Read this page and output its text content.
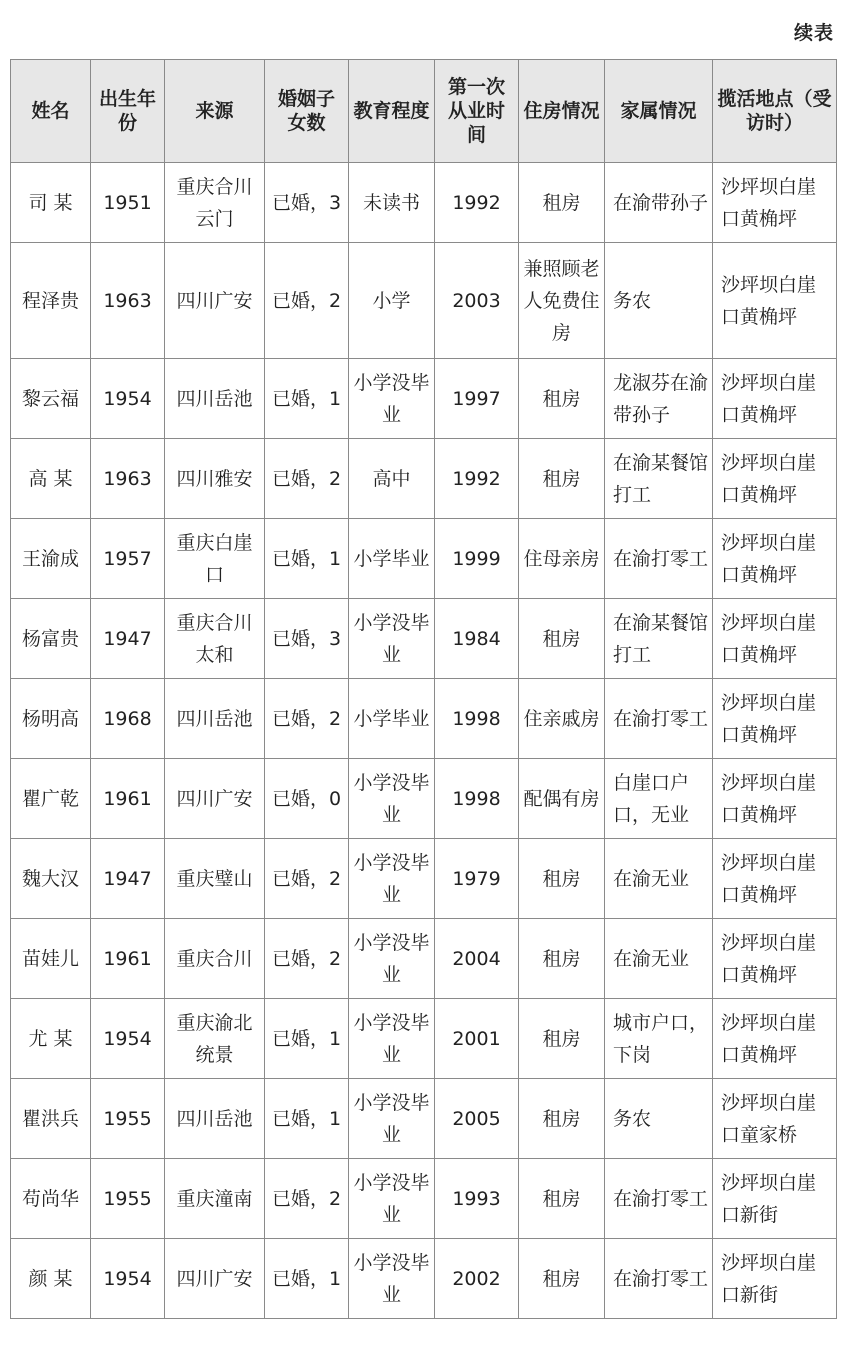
续表
姓名	出生年份	来源	婚姻子女数	教育程度	第一次从业时间	住房情况	家属情况	揽活地点（受访时）
司 某	1951	重庆合川云门	已婚，3	未读书	1992	租房	在渝带孙子	沙坪坝白崖口黄桷坪
程泽贵	1963	四川广安	已婚，2	小学	2003	兼照顾老人免费住房	务农	沙坪坝白崖口黄桷坪
黎云福	1954	四川岳池	已婚，1	小学没毕业	1997	租房	龙淑芬在渝带孙子	沙坪坝白崖口黄桷坪
高 某	1963	四川雅安	已婚，2	高中	1992	租房	在渝某餐馆打工	沙坪坝白崖口黄桷坪
王渝成	1957	重庆白崖口	已婚，1	小学毕业	1999	住母亲房	在渝打零工	沙坪坝白崖口黄桷坪
杨富贵	1947	重庆合川太和	已婚，3	小学没毕业	1984	租房	在渝某餐馆打工	沙坪坝白崖口黄桷坪
杨明高	1968	四川岳池	已婚，2	小学毕业	1998	住亲戚房	在渝打零工	沙坪坝白崖口黄桷坪
瞿广乾	1961	四川广安	已婚，0	小学没毕业	1998	配偶有房	白崖口户口，无业	沙坪坝白崖口黄桷坪
魏大汉	1947	重庆璧山	已婚，2	小学没毕业	1979	租房	在渝无业	沙坪坝白崖口黄桷坪
苗娃儿	1961	重庆合川	已婚，2	小学没毕业	2004	租房	在渝无业	沙坪坝白崖口黄桷坪
尤 某	1954	重庆渝北统景	已婚，1	小学没毕业	2001	租房	城市户口，下岗	沙坪坝白崖口黄桷坪
瞿洪兵	1955	四川岳池	已婚，1	小学没毕业	2005	租房	务农	沙坪坝白崖口童家桥
苟尚华	1955	重庆潼南	已婚，2	小学没毕业	1993	租房	在渝打零工	沙坪坝白崖口新街
颜 某	1954	四川广安	已婚，1	小学没毕业	2002	租房	在渝打零工	沙坪坝白崖口新街
